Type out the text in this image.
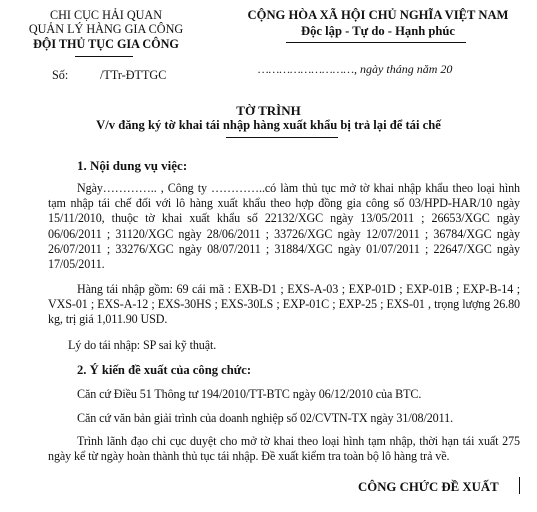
CHI CỤC HẢI QUAN
QUẢN LÝ HÀNG GIA CÔNG
ĐỘI THỦ TỤC GIA CÔNG
Số:	/TTr-ĐTTGC
CỘNG HÒA XÃ HỘI CHỦ NGHĨA VIỆT NAM
Độc lập - Tự do - Hạnh phúc
………………………, ngày tháng năm 20
TỜ TRÌNH
V/v đăng ký tờ khai tái nhập hàng xuất khẩu bị trả lại để tái chế
1. Nội dung vụ việc:
Ngày………….. , Công ty …………..có làm thủ tục mở tờ khai nhập khẩu theo loại hình tạm nhập tái chế đối với lô hàng xuất khẩu theo hợp đồng gia công số 03/HPD-HAR/10 ngày 15/11/2010, thuộc tờ khai xuất khẩu số 22132/XGC ngày 13/05/2011 ; 26653/XGC ngày 06/06/2011 ; 31120/XGC ngày 28/06/2011 ; 33726/XGC ngày 12/07/2011 ; 36784/XGC ngày 26/07/2011 ; 33276/XGC ngày 08/07/2011 ; 31884/XGC ngày 01/07/2011 ; 22647/XGC ngày 17/05/2011.
Hàng tái nhập gồm: 69 cái mã : EXB-D1 ; EXS-A-03 ; EXP-01D ; EXP-01B ; EXP-B-14 ; VXS-01 ; EXS-A-12 ; EXS-30HS ; EXS-30LS ; EXP-01C ; EXP-25 ; EXS-01 , trọng lượng 26.80 kg, trị giá 1,011.90 USD.
Lý do tái nhập: SP sai kỹ thuật.
2. Ý kiến đề xuất của công chức:
Căn cứ Điều 51 Thông tư 194/2010/TT-BTC ngày 06/12/2010 của BTC.
Căn cứ văn bản giải trình của doanh nghiệp số 02/CVTN-TX ngày 31/08/2011.
Trình lãnh đạo chi cục duyệt cho mở tờ khai theo loại hình tạm nhập, thời hạn tái xuất 275 ngày kể từ ngày hoàn thành thủ tục tái nhập. Đề xuất kiểm tra toàn bộ lô hàng trả về.
CÔNG CHỨC ĐỀ XUẤT
